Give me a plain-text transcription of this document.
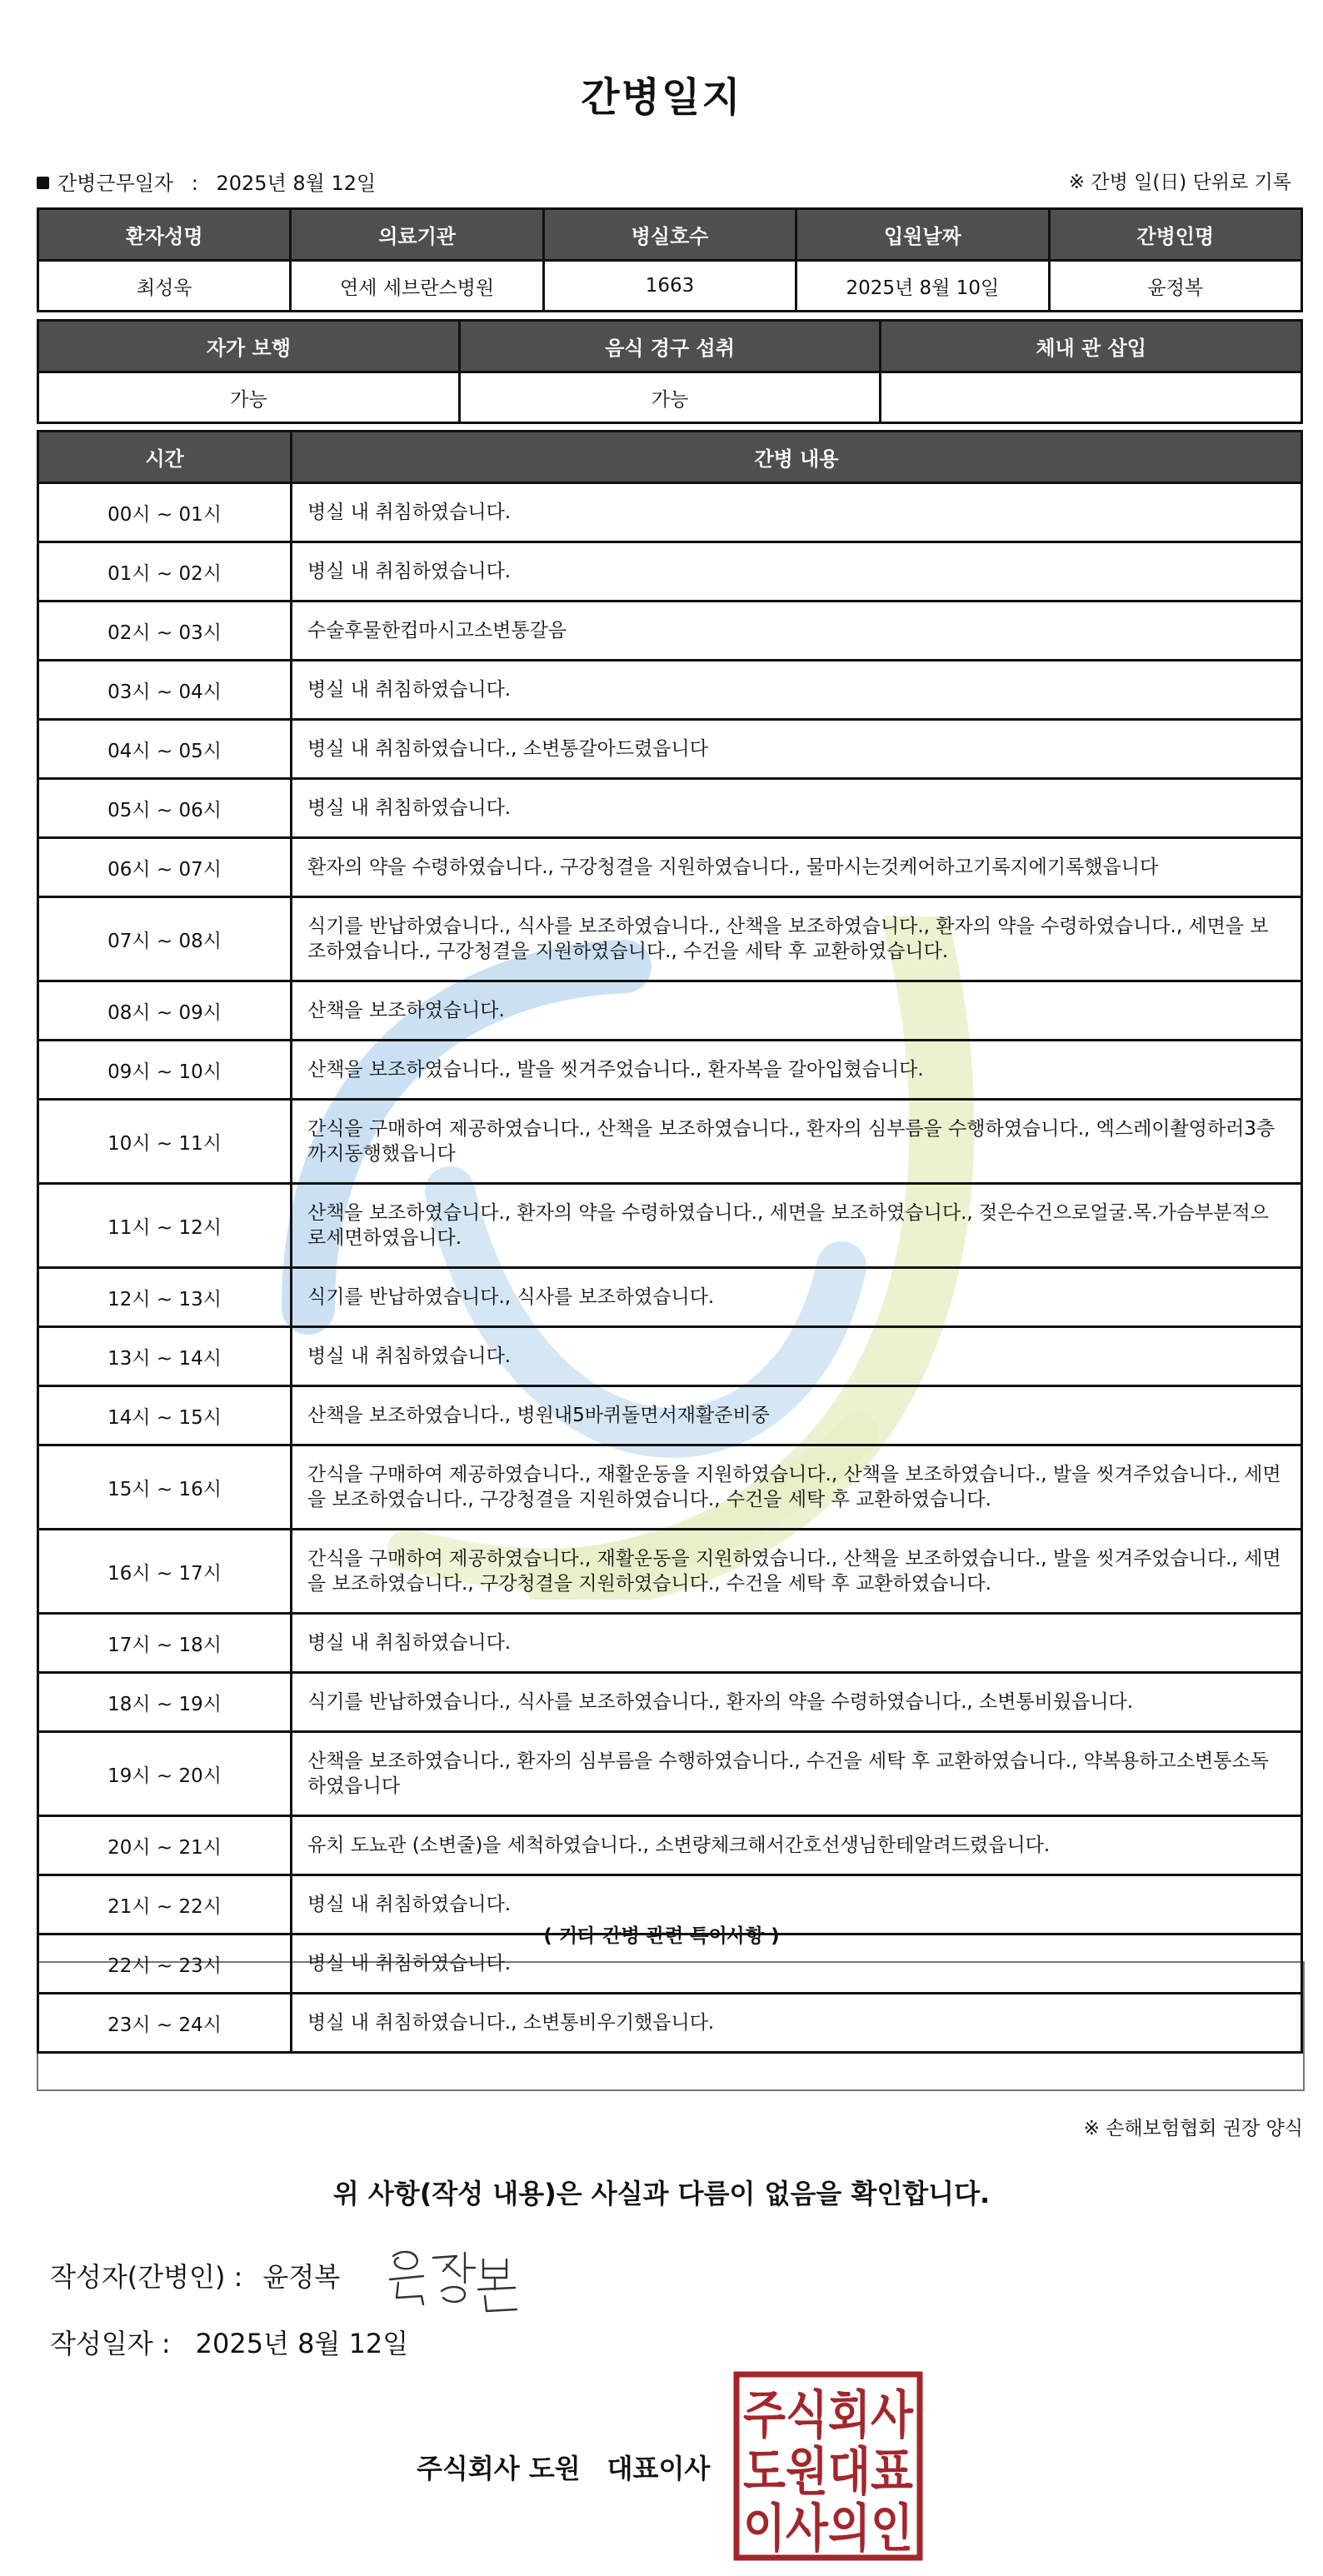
간병일지
간병근무일자 : 2025년 8월 12일	※ 간병 일(日) 단위로 기록
환자성명	의료기관	병실호수	입원날짜	간병인명
최성욱	연세 세브란스병원	1663	2025년 8월 10일	윤정복
자가 보행	음식 경구 섭취	체내 관 삽입
가능	가능	
시간	간병 내용
00시 ~ 01시	병실 내 취침하였습니다.
01시 ~ 02시	병실 내 취침하였습니다.
02시 ~ 03시	수술후물한컵마시고소변통갈음
03시 ~ 04시	병실 내 취침하였습니다.
04시 ~ 05시	병실 내 취침하였습니다., 소변통갈아드렸읍니다
05시 ~ 06시	병실 내 취침하였습니다.
06시 ~ 07시	환자의 약을 수령하였습니다., 구강청결을 지원하였습니다., 물마시는것케어하고기록지에기록했읍니다
07시 ~ 08시	식기를 반납하였습니다., 식사를 보조하였습니다., 산책을 보조하였습니다., 환자의 약을 수령하였습니다., 세면을 보조하였습니다., 구강청결을 지원하였습니다., 수건을 세탁 후 교환하였습니다.
08시 ~ 09시	산책을 보조하였습니다.
09시 ~ 10시	산책을 보조하였습니다., 발을 씻겨주었습니다., 환자복을 갈아입혔습니다.
10시 ~ 11시	간식을 구매하여 제공하였습니다., 산책을 보조하였습니다., 환자의 심부름을 수행하였습니다., 엑스레이촬영하러3층까지동행했읍니다
11시 ~ 12시	산책을 보조하였습니다., 환자의 약을 수령하였습니다., 세면을 보조하였습니다., 젖은수건으로얼굴.목.가슴부분적으로세면하였읍니다.
12시 ~ 13시	식기를 반납하였습니다., 식사를 보조하였습니다.
13시 ~ 14시	병실 내 취침하였습니다.
14시 ~ 15시	산책을 보조하였습니다., 병원내5바퀴돌면서재활준비중
15시 ~ 16시	간식을 구매하여 제공하였습니다., 재활운동을 지원하였습니다., 산책을 보조하였습니다., 발을 씻겨주었습니다., 세면을 보조하였습니다., 구강청결을 지원하였습니다., 수건을 세탁 후 교환하였습니다.
16시 ~ 17시	간식을 구매하여 제공하였습니다., 재활운동을 지원하였습니다., 산책을 보조하였습니다., 발을 씻겨주었습니다., 세면을 보조하였습니다., 구강청결을 지원하였습니다., 수건을 세탁 후 교환하였습니다.
17시 ~ 18시	병실 내 취침하였습니다.
18시 ~ 19시	식기를 반납하였습니다., 식사를 보조하였습니다., 환자의 약을 수령하였습니다., 소변통비웠읍니다.
19시 ~ 20시	산책을 보조하였습니다., 환자의 심부름을 수행하였습니다., 수건을 세탁 후 교환하였습니다., 약복용하고소변통소독하였읍니다
20시 ~ 21시	유치 도뇨관 (소변줄)을 세척하였습니다., 소변량체크해서간호선생님한테알려드렸읍니다.
21시 ~ 22시	병실 내 취침하였습니다.
22시 ~ 23시	병실 내 취침하였습니다.
23시 ~ 24시	병실 내 취침하였습니다., 소변통비우기했읍니다.
( 기타 간병 관련 특이사항 )
※ 손해보험협회 권장 양식
위 사항(작성 내용)은 사실과 다름이 없음을 확인합니다.
작성자(간병인) : 윤정복
작성일자 : 2025년 8월 12일
주식회사 도원 대표이사
주식회사
도원대표
이사의인
